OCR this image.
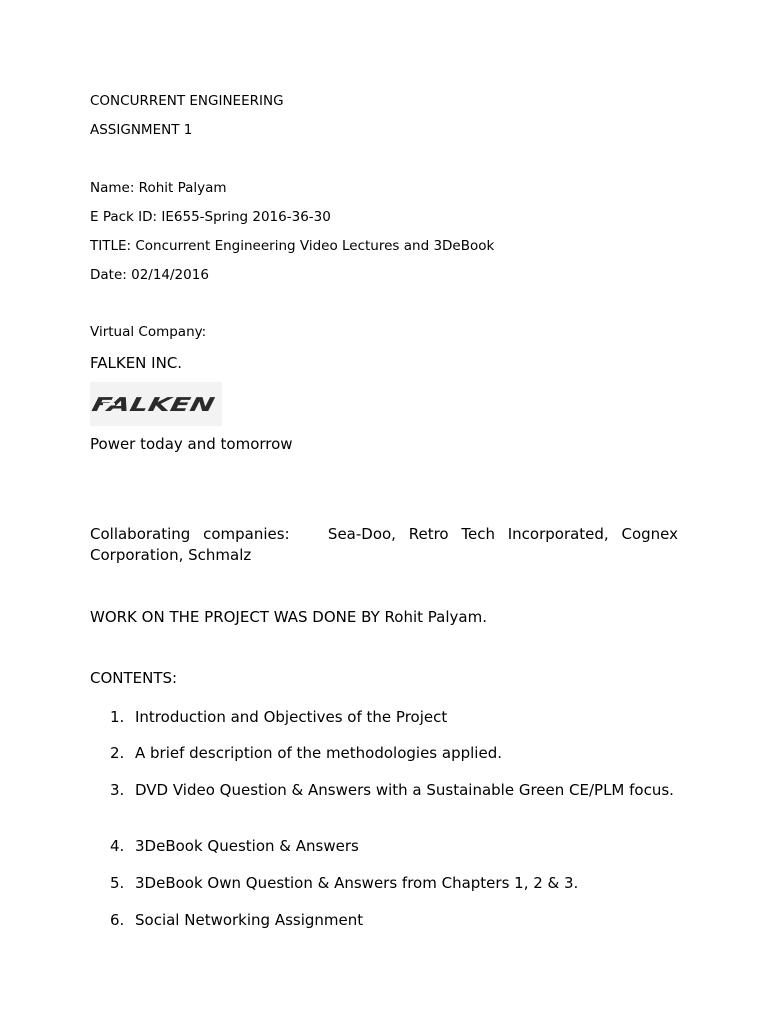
CONCURRENT ENGINEERING
ASSIGNMENT 1
Name: Rohit Palyam
E Pack ID: IE655-Spring 2016-36-30
TITLE: Concurrent Engineering Video Lectures and 3DeBook
Date: 02/14/2016
Virtual Company:
FALKEN INC.
FALKEN
Power today and tomorrow
Collaborating companies:	Sea-Doo, Retro Tech Incorporated, Cognex Corporation, Schmalz
WORK ON THE PROJECT WAS DONE BY Rohit Palyam.
CONTENTS:
1. Introduction and Objectives of the Project
2. A brief description of the methodologies applied.
3. DVD Video Question & Answers with a Sustainable Green CE/PLM focus.
4. 3DeBook Question & Answers
5. 3DeBook Own Question & Answers from Chapters 1, 2 & 3.
6. Social Networking Assignment
